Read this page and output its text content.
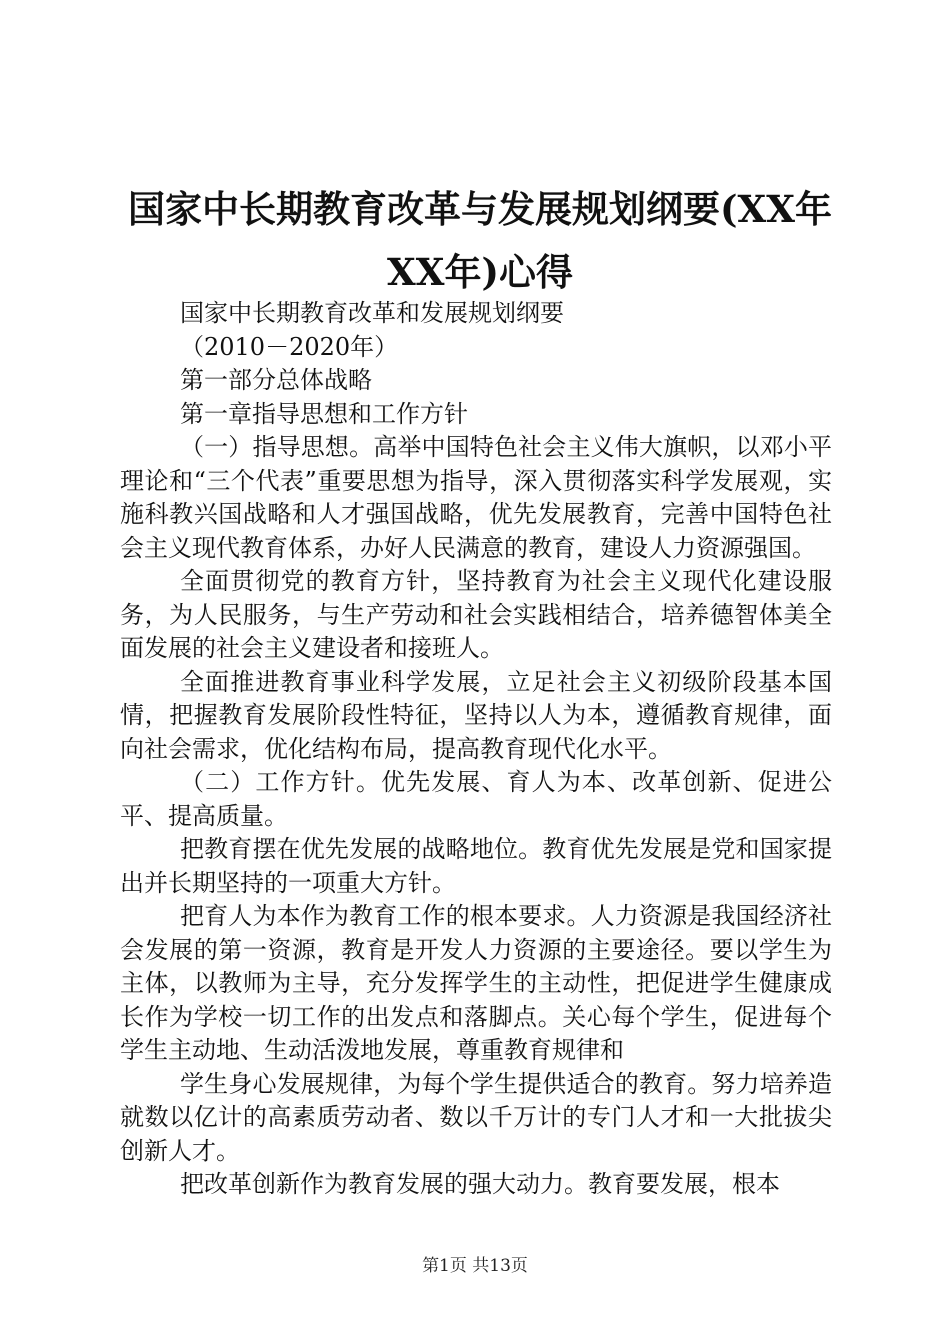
国家中长期教育改革与发展规划纲要(XX年XX年)心得

国家中长期教育改革和发展规划纲要

（2010－2020年）

第一部分总体战略

第一章指导思想和工作方针

（一）指导思想。高举中国特色社会主义伟大旗帜，以邓小平理论和“三个代表”重要思想为指导，深入贯彻落实科学发展观，实施科教兴国战略和人才强国战略，优先发展教育，完善中国特色社会主义现代教育体系，办好人民满意的教育，建设人力资源强国。

全面贯彻党的教育方针，坚持教育为社会主义现代化建设服务，为人民服务，与生产劳动和社会实践相结合，培养德智体美全面发展的社会主义建设者和接班人。

全面推进教育事业科学发展，立足社会主义初级阶段基本国情，把握教育发展阶段性特征，坚持以人为本，遵循教育规律，面向社会需求，优化结构布局，提高教育现代化水平。

（二）工作方针。优先发展、育人为本、改革创新、促进公平、提高质量。

把教育摆在优先发展的战略地位。教育优先发展是党和国家提出并长期坚持的一项重大方针。

把育人为本作为教育工作的根本要求。人力资源是我国经济社会发展的第一资源，教育是开发人力资源的主要途径。要以学生为主体，以教师为主导，充分发挥学生的主动性，把促进学生健康成长作为学校一切工作的出发点和落脚点。关心每个学生，促进每个学生主动地、生动活泼地发展，尊重教育规律和

学生身心发展规律，为每个学生提供适合的教育。努力培养造就数以亿计的高素质劳动者、数以千万计的专门人才和一大批拔尖创新人才。

把改革创新作为教育发展的强大动力。教育要发展，根本

第1页 共13页
